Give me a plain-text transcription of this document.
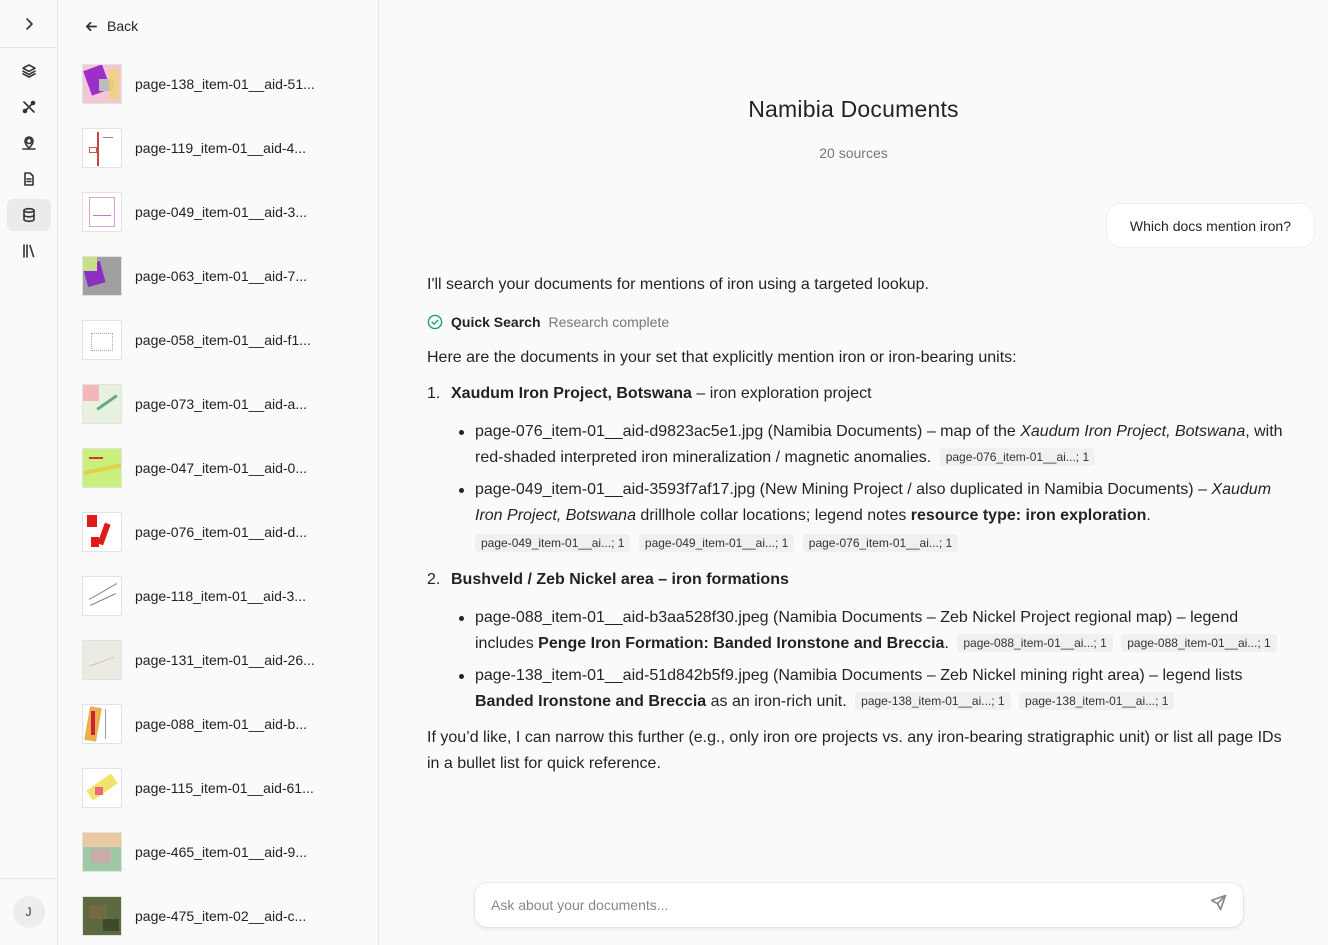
J
Back
page-138_item-01__aid-51...
page-119_item-01__aid-4...
page-049_item-01__aid-3...
page-063_item-01__aid-7...
page-058_item-01__aid-f1...
page-073_item-01__aid-a...
page-047_item-01__aid-0...
page-076_item-01__aid-d...
page-118_item-01__aid-3...
page-131_item-01__aid-26...
page-088_item-01__aid-b...
page-115_item-01__aid-61...
page-465_item-01__aid-9...
page-475_item-02__aid-c...
Namibia Documents
20 sources
Which docs mention iron?

I'll search your documents for mentions of iron using a targeted lookup.

Quick Search Research complete

Here are the documents in your set that explicitly mention iron or iron-bearing units:

1. Xaudum Iron Project, Botswana – iron exploration project
page-076_item-01__aid-d9823ac5e1.jpg (Namibia Documents) – map of the Xaudum Iron Project, Botswana, with red-shaded interpreted iron mineralization / magnetic anomalies. page-076_item-01__ai...; 1
page-049_item-01__aid-3593f7af17.jpg (New Mining Project / also duplicated in Namibia Documents) – Xaudum Iron Project, Botswana drillhole collar locations; legend notes resource type: iron exploration.
page-049_item-01__ai...; 1 page-049_item-01__ai...; 1 page-076_item-01__ai...; 1
2. Bushveld / Zeb Nickel area – iron formations
page-088_item-01__aid-b3aa528f30.jpeg (Namibia Documents – Zeb Nickel Project regional map) – legend includes Penge Iron Formation: Banded Ironstone and Breccia. page-088_item-01__ai...; 1 page-088_item-01__ai...; 1
page-138_item-01__aid-51d842b5f9.jpeg (Namibia Documents – Zeb Nickel mining right area) – legend lists Banded Ironstone and Breccia as an iron-rich unit. page-138_item-01__ai...; 1 page-138_item-01__ai...; 1

If you’d like, I can narrow this further (e.g., only iron ore projects vs. any iron-bearing stratigraphic unit) or list all page IDs in a bullet list for quick reference.

Ask about your documents...
